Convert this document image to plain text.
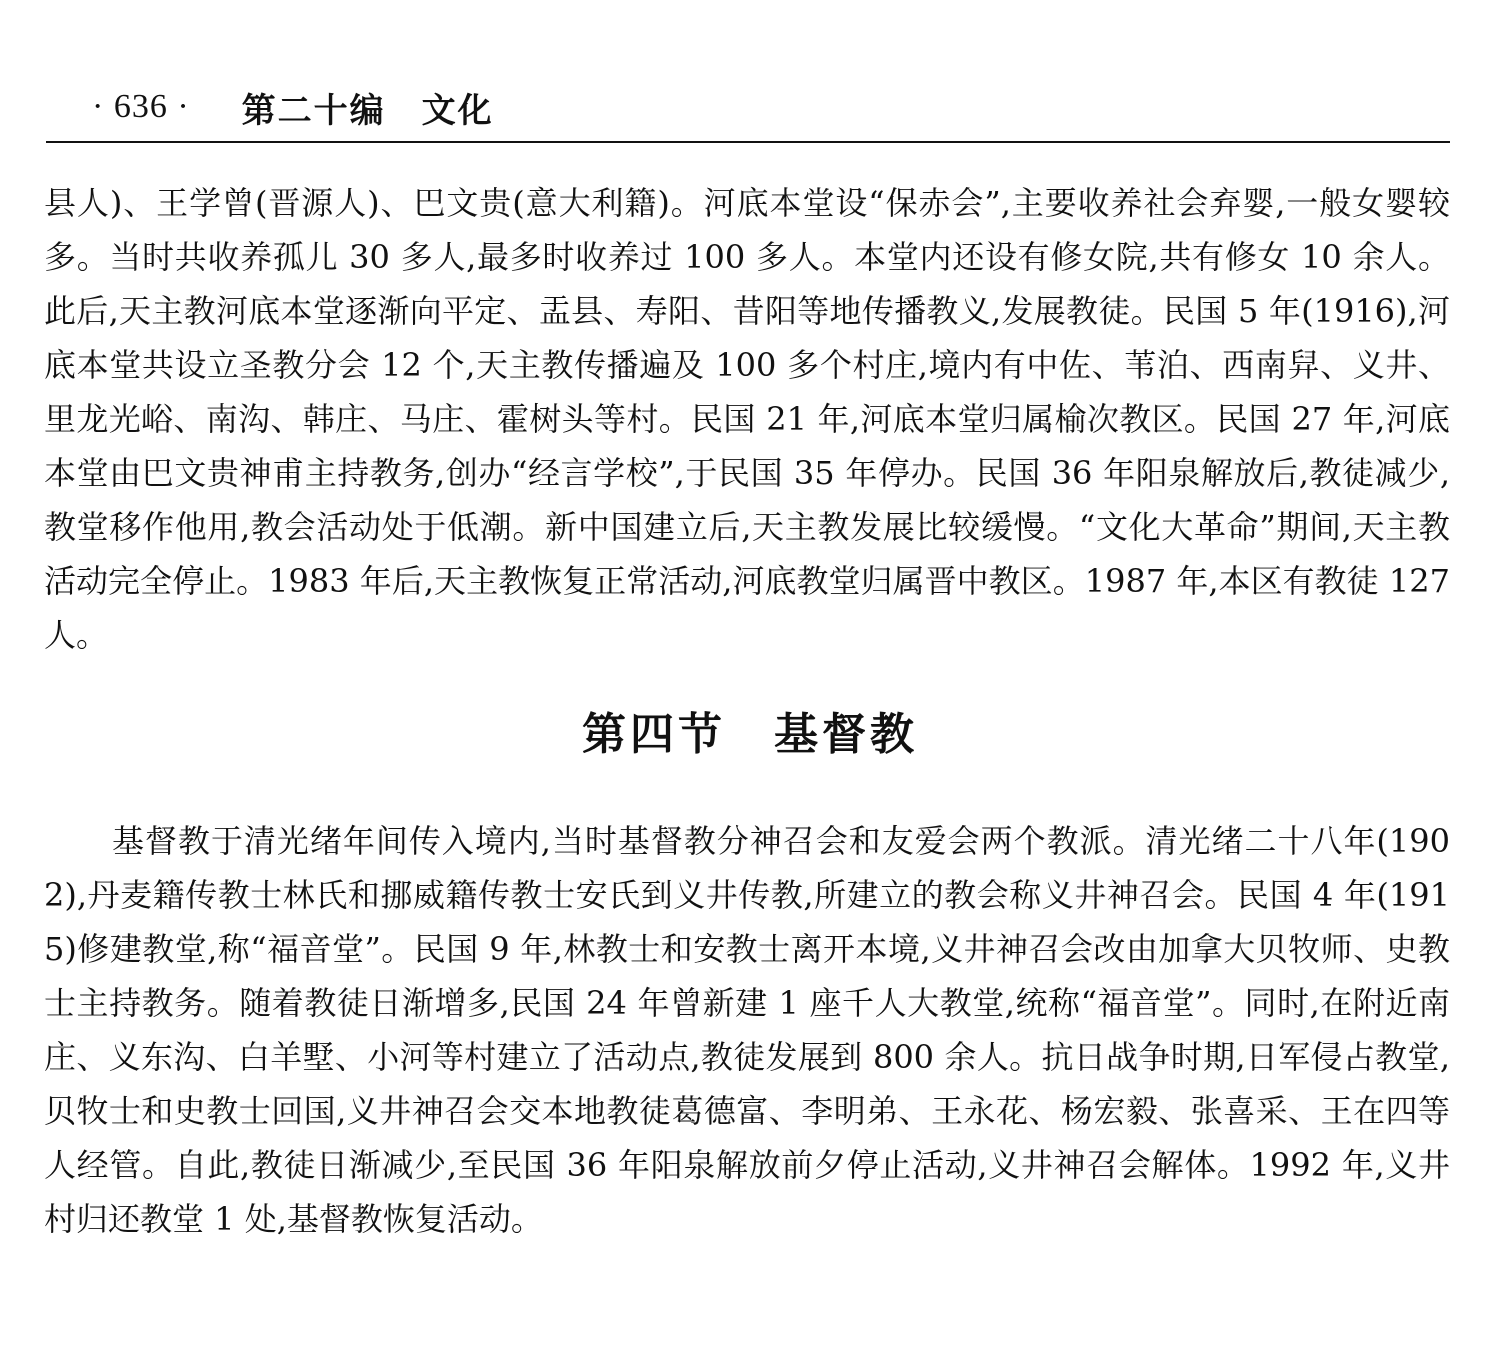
· 636 · 第二十编　文化

县人)、王学曾(晋源人)、巴文贵(意大利籍)。河底本堂设“保赤会”,主要收养社会弃婴,一般女婴较多。当时共收养孤儿 30 多人,最多时收养过 100 多人。本堂内还设有修女院,共有修女 10 余人。此后,天主教河底本堂逐渐向平定、盂县、寿阳、昔阳等地传播教义,发展教徒。民国 5 年(1916),河底本堂共设立圣教分会 12 个,天主教传播遍及 100 多个村庄,境内有中佐、苇泊、西南舁、义井、里龙光峪、南沟、韩庄、马庄、霍树头等村。民国 21 年,河底本堂归属榆次教区。民国 27 年,河底本堂由巴文贵神甫主持教务,创办“经言学校”,于民国 35 年停办。民国 36 年阳泉解放后,教徒减少,教堂移作他用,教会活动处于低潮。新中国建立后,天主教发展比较缓慢。“文化大革命”期间,天主教活动完全停止。1983 年后,天主教恢复正常活动,河底教堂归属晋中教区。1987 年,本区有教徒 127 人。

第四节　基督教

基督教于清光绪年间传入境内,当时基督教分神召会和友爱会两个教派。清光绪二十八年(1902),丹麦籍传教士林氏和挪威籍传教士安氏到义井传教,所建立的教会称义井神召会。民国 4 年(1915)修建教堂,称“福音堂”。民国 9 年,林教士和安教士离开本境,义井神召会改由加拿大贝牧师、史教士主持教务。随着教徒日渐增多,民国 24 年曾新建 1 座千人大教堂,统称“福音堂”。同时,在附近南庄、义东沟、白羊墅、小河等村建立了活动点,教徒发展到 800 余人。抗日战争时期,日军侵占教堂,贝牧士和史教士回国,义井神召会交本地教徒葛德富、李明弟、王永花、杨宏毅、张喜采、王在四等人经管。自此,教徒日渐减少,至民国 36 年阳泉解放前夕停止活动,义井神召会解体。1992 年,义井村归还教堂 1 处,基督教恢复活动。
